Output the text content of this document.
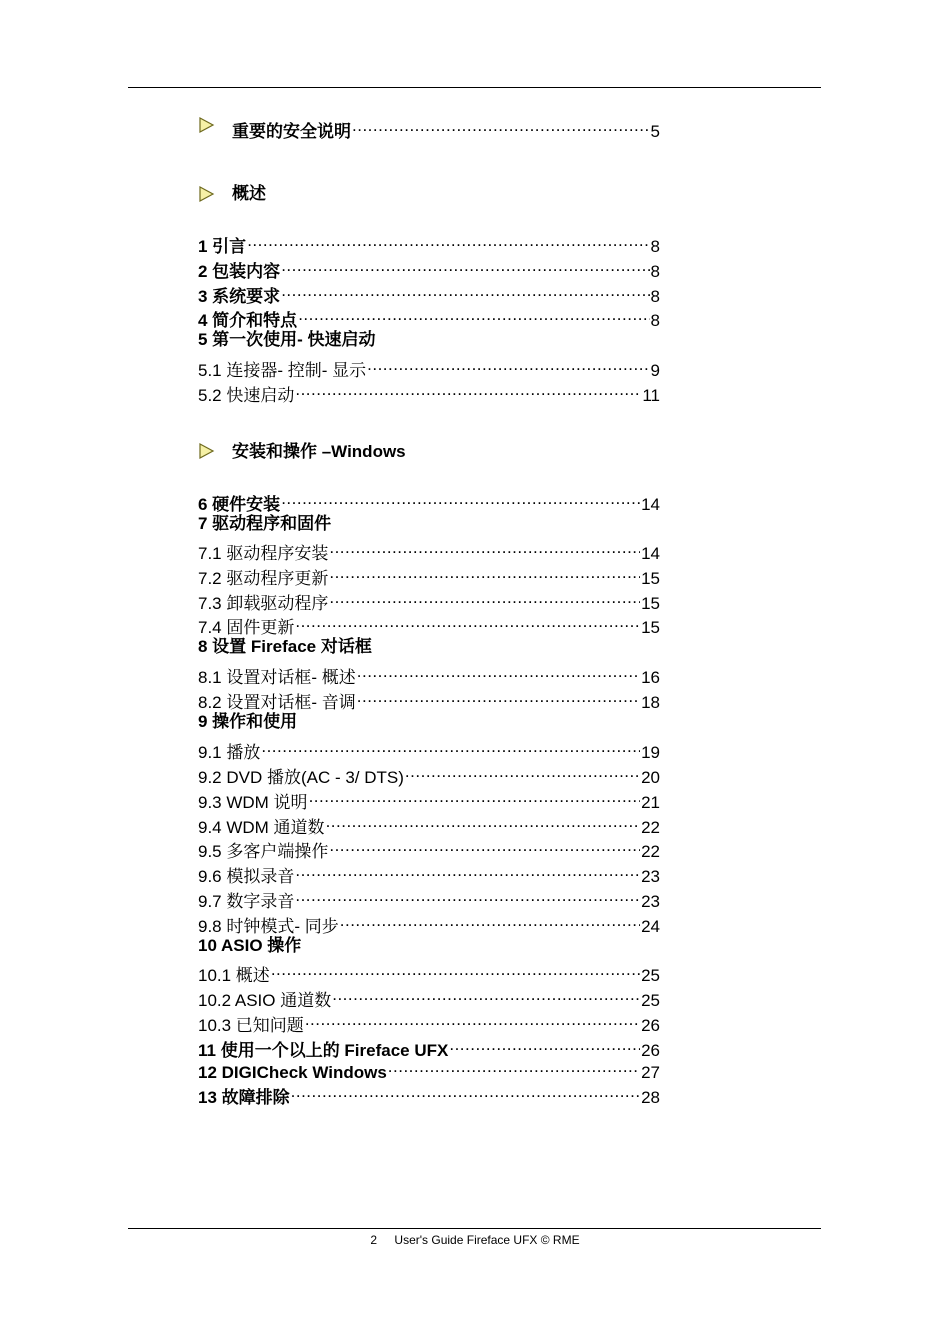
重要的安全说明 .....	5
概述
安装和操作 –Windows
1 引言 .....	8
2 包装内容 .....	8
3 系统要求 .....	8
4 简介和特点 .....	8
5 第一次使用- 快速启动
5.1 连接器- 控制- 显示 .....	9
5.2 快速启动 .....	11
6 硬件安装 .....	14
7 驱动程序和固件
7.1 驱动程序安装 .....	14
7.2 驱动程序更新 .....	15
7.3 卸载驱动程序 .....	15
7.4 固件更新 .....	15
8 设置 Fireface 对话框
8.1 设置对话框- 概述 .....	16
8.2 设置对话框- 音调 .....	18
9 操作和使用
9.1 播放 .....	19
9.2 DVD 播放(AC - 3/ DTS) .....	20
9.3 WDM 说明 .....	21
9.4 WDM 通道数 .....	22
9.5 多客户端操作 .....	22
9.6 模拟录音 .....	23
9.7 数字录音 .....	23
9.8 时钟模式- 同步 .....	24
10 ASIO 操作
10.1 概述 .....	25
10.2 ASIO 通道数 .....	25
10.3 已知问题 .....	26
11 使用一个以上的 Fireface UFX .....	26
12 DIGICheck Windows .....	27
13 故障排除 .....	28
2 User's Guide Fireface UFX © RME
